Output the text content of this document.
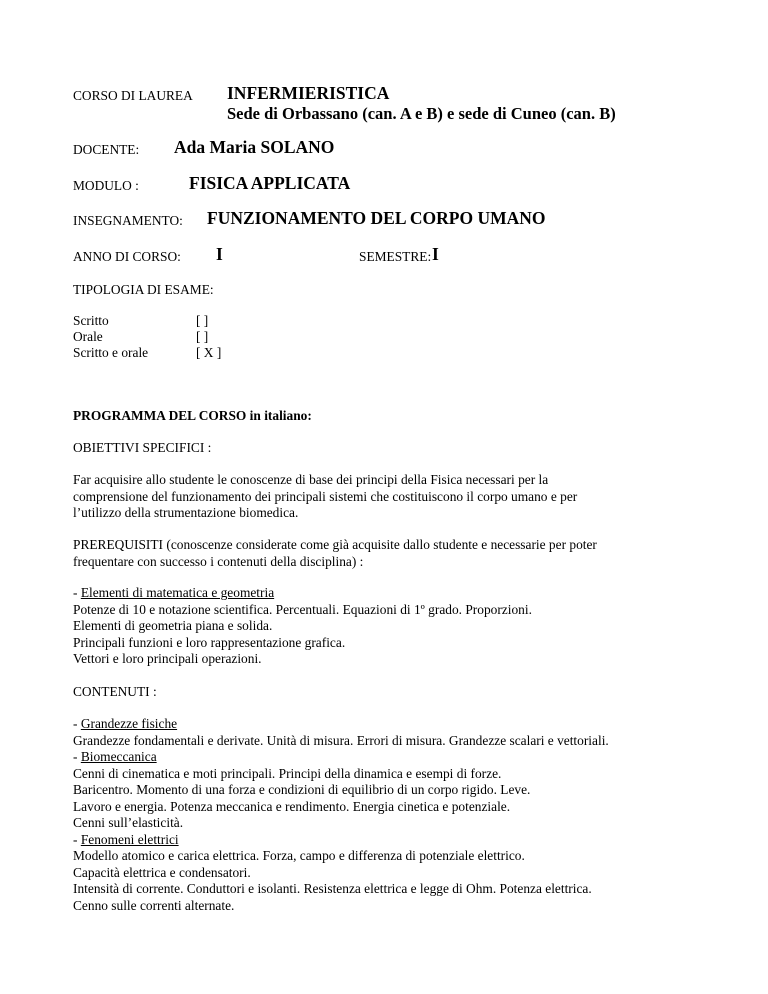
CORSO DI LAUREA INFERMIERISTICA
Sede di Orbassano (can. A e B) e sede di Cuneo (can. B)
DOCENTE: Ada Maria SOLANO
MODULO :	FISICA APPLICATA
INSEGNAMENTO: FUNZIONAMENTO DEL CORPO UMANO
ANNO DI CORSO: I	SEMESTRE: I
TIPOLOGIA DI ESAME:
Scritto	[ ]
Orale	[ ]
Scritto e orale	[ X ]
PROGRAMMA DEL CORSO in italiano:
OBIETTIVI SPECIFICI :
Far acquisire allo studente le conoscenze di base dei principi della Fisica necessari per la
comprensione del funzionamento dei principali sistemi che costituiscono il corpo umano e per
l’utilizzo della strumentazione biomedica.
PREREQUISITI (conoscenze considerate come già acquisite dallo studente e necessarie per poter
frequentare con successo i contenuti della disciplina) :
- Elementi di matematica e geometria
Potenze di 10 e notazione scientifica. Percentuali. Equazioni di 1º grado. Proporzioni.
Elementi di geometria piana e solida.
Principali funzioni e loro rappresentazione grafica.
Vettori e loro principali operazioni.
CONTENUTI :
- Grandezze fisiche
Grandezze fondamentali e derivate. Unità di misura. Errori di misura. Grandezze scalari e vettoriali.
- Biomeccanica
Cenni di cinematica e moti principali. Principi della dinamica e esempi di forze.
Baricentro. Momento di una forza e condizioni di equilibrio di un corpo rigido. Leve.
Lavoro e energia. Potenza meccanica e rendimento. Energia cinetica e potenziale.
Cenni sull’elasticità.
- Fenomeni elettrici
Modello atomico e carica elettrica. Forza, campo e differenza di potenziale elettrico.
Capacità elettrica e condensatori.
Intensità di corrente. Conduttori e isolanti. Resistenza elettrica e legge di Ohm. Potenza elettrica.
Cenno sulle correnti alternate.
